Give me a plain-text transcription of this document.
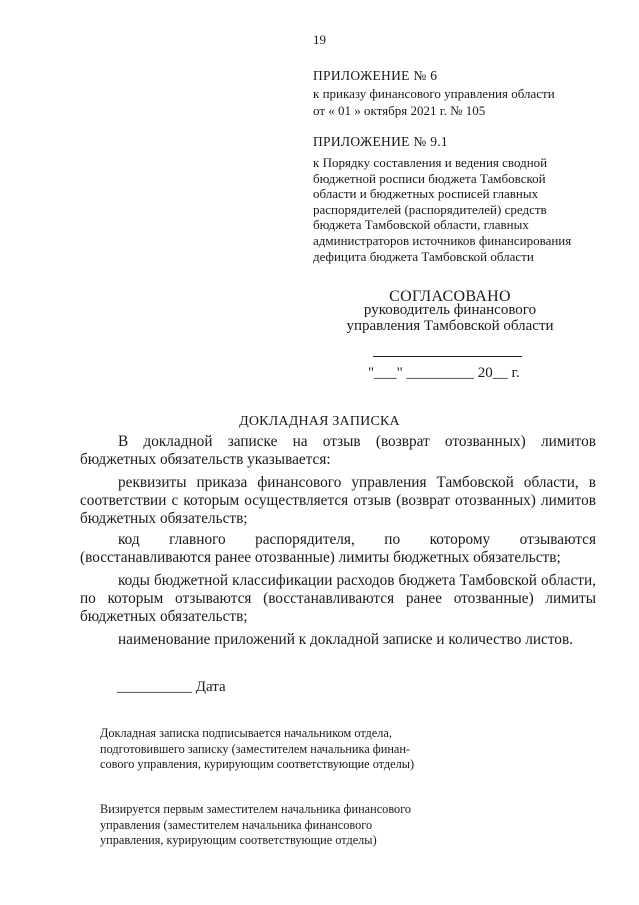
19
ПРИЛОЖЕНИЕ № 6
к приказу финансового управления области
от « 01 » октября 2021 г. № 105
ПРИЛОЖЕНИЕ № 9.1
к Порядку составления и ведения сводной
бюджетной росписи бюджета Тамбовской
области и бюджетных росписей главных
распорядителей (распорядителей) средств
бюджета Тамбовской области, главных
администраторов источников финансирования
дефицита бюджета Тамбовской области
СОГЛАСОВАНО
руководитель финансового
управления Тамбовской области
"___" _________ 20__ г.
ДОКЛАДНАЯ ЗАПИСКА
В докладной записке на отзыв (возврат отозванных) лимитов бюджетных обязательств указывается:
реквизиты приказа финансового управления Тамбовской области, в соответствии с которым осуществляется отзыв (возврат отозванных) лимитов бюджетных обязательств;
код главного распорядителя, по которому отзываются (восстанавливаются ранее отозванные) лимиты бюджетных обязательств;
коды бюджетной классификации расходов бюджета Тамбовской области, по которым отзываются (восстанавливаются ранее отозванные) лимиты бюджетных обязательств;
наименование приложений к докладной записке и количество листов.
__________ Дата
Докладная записка подписывается начальником отдела,
подготовившего записку (заместителем начальника финан-
сового управления, курирующим соответствующие отделы)
Визируется первым заместителем начальника финансового
управления (заместителем начальника финансового
управления, курирующим соответствующие отделы)
